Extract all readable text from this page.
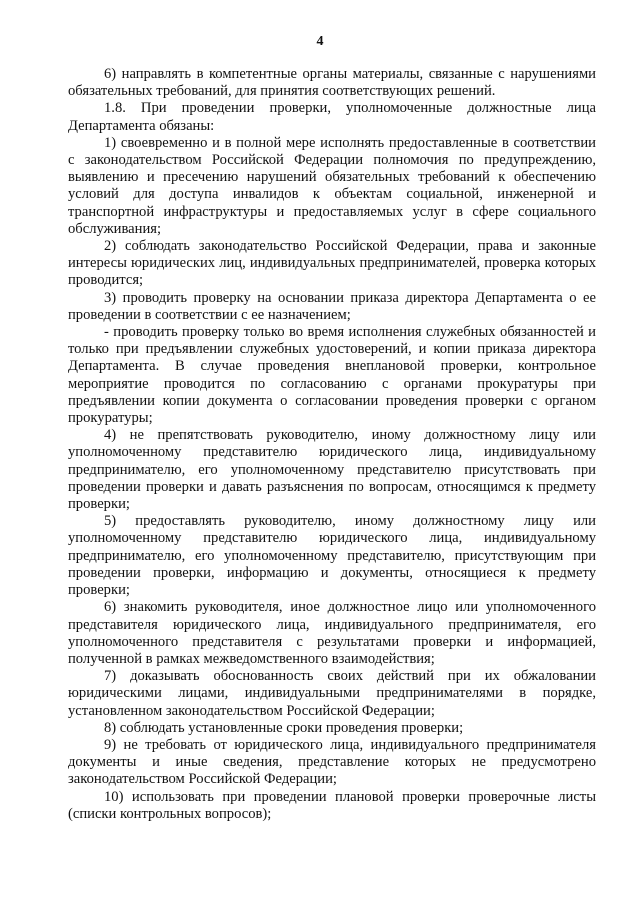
4

6) направлять в компетентные органы материалы, связанные с нарушениями обязательных требований, для принятия соответствующих решений.

1.8. При проведении проверки, уполномоченные должностные лица Департамента обязаны:

1) своевременно и в полной мере исполнять предоставленные в соответствии с законодательством Российской Федерации полномочия по предупреждению, выявлению и пресечению нарушений обязательных требований к обеспечению условий для доступа инвалидов к объектам социальной, инженерной и транспортной инфраструктуры и предоставляемых услуг в сфере социального обслуживания;

2) соблюдать законодательство Российской Федерации, права и законные интересы юридических лиц, индивидуальных предпринимателей, проверка которых проводится;

3) проводить проверку на основании приказа директора Департамента о ее проведении в соответствии с ее назначением;

- проводить проверку только во время исполнения служебных обязанностей и только при предъявлении служебных удостоверений, и копии приказа директора Департамента. В случае проведения внеплановой проверки, контрольное мероприятие проводится по согласованию с органами прокуратуры при предъявлении копии документа о согласовании проведения проверки с органом прокуратуры;

4) не препятствовать руководителю, иному должностному лицу или уполномоченному представителю юридического лица, индивидуальному предпринимателю, его уполномоченному представителю присутствовать при проведении проверки и давать разъяснения по вопросам, относящимся к предмету проверки;

5) предоставлять руководителю, иному должностному лицу или уполномоченному представителю юридического лица, индивидуальному предпринимателю, его уполномоченному представителю, присутствующим при проведении проверки, информацию и документы, относящиеся к предмету проверки;

6) знакомить руководителя, иное должностное лицо или уполномоченного представителя юридического лица, индивидуального предпринимателя, его уполномоченного представителя с результатами проверки и информацией, полученной в рамках межведомственного взаимодействия;

7) доказывать обоснованность своих действий при их обжаловании юридическими лицами, индивидуальными предпринимателями в порядке, установленном законодательством Российской Федерации;

8) соблюдать установленные сроки проведения проверки;

9) не требовать от юридического лица, индивидуального предпринимателя документы и иные сведения, представление которых не предусмотрено законодательством Российской Федерации;

10) использовать при проведении плановой проверки проверочные листы (списки контрольных вопросов);
